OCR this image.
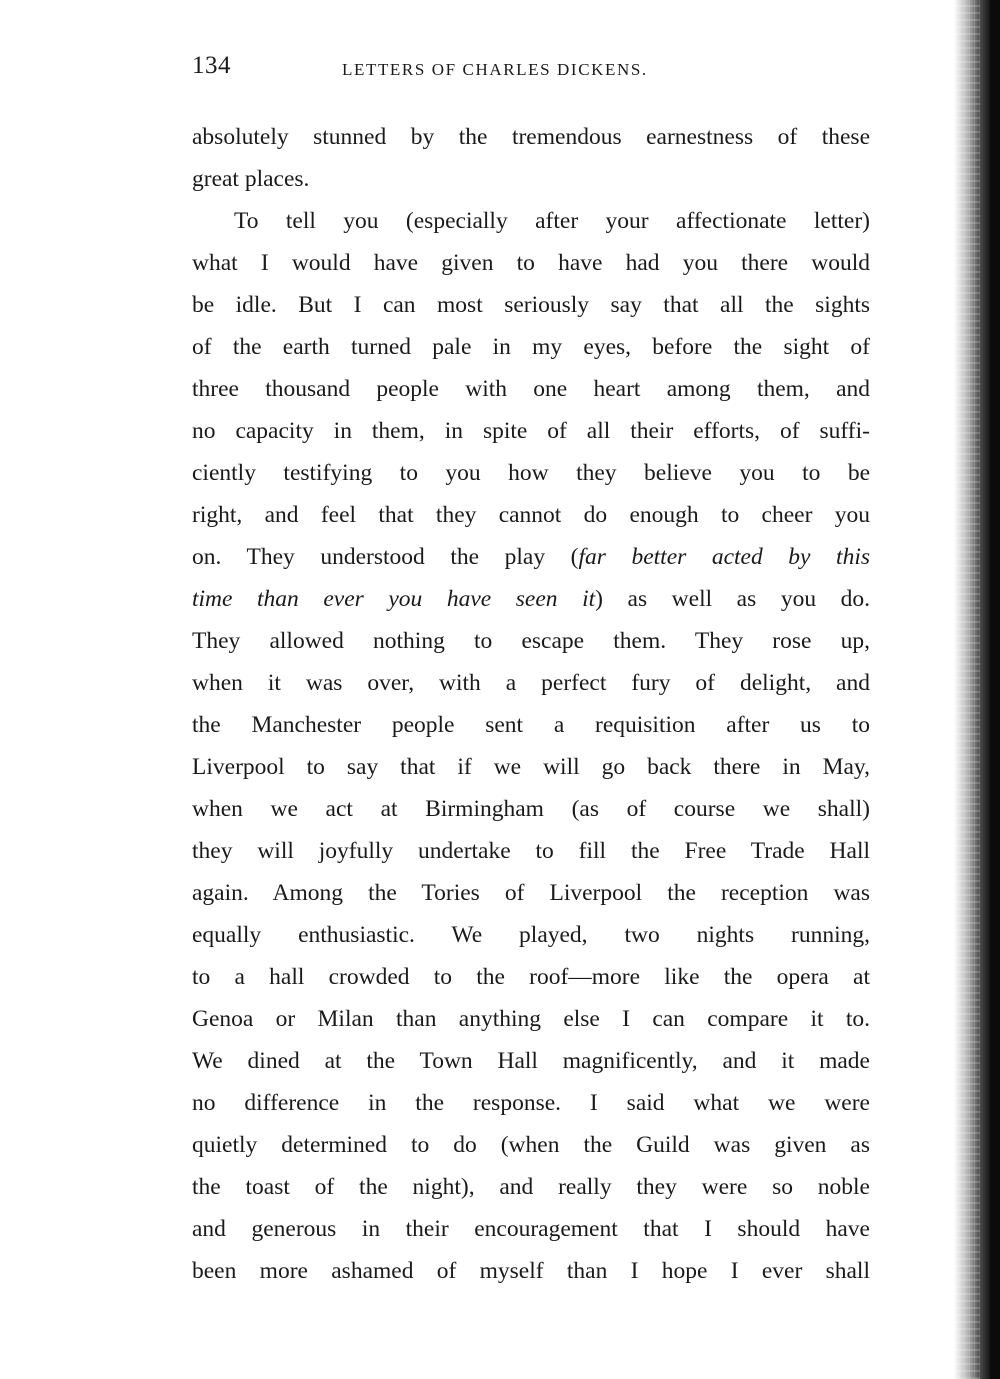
134	LETTERS OF CHARLES DICKENS.
absolutely stunned by the tremendous earnestness of these
great places.
To tell you (especially after your affectionate letter)
what I would have given to have had you there would
be idle. But I can most seriously say that all the sights
of the earth turned pale in my eyes, before the sight of
three thousand people with one heart among them, and
no capacity in them, in spite of all their efforts, of suffi-
ciently testifying to you how they believe you to be
right, and feel that they cannot do enough to cheer you
on. They understood the play (far better acted by this
time than ever you have seen it) as well as you do.
They allowed nothing to escape them. They rose up,
when it was over, with a perfect fury of delight, and
the Manchester people sent a requisition after us to
Liverpool to say that if we will go back there in May,
when we act at Birmingham (as of course we shall)
they will joyfully undertake to fill the Free Trade Hall
again. Among the Tories of Liverpool the reception was
equally enthusiastic. We played, two nights running,
to a hall crowded to the roof—more like the opera at
Genoa or Milan than anything else I can compare it to.
We dined at the Town Hall magnificently, and it made
no difference in the response. I said what we were
quietly determined to do (when the Guild was given as
the toast of the night), and really they were so noble
and generous in their encouragement that I should have
been more ashamed of myself than I hope I ever shall
